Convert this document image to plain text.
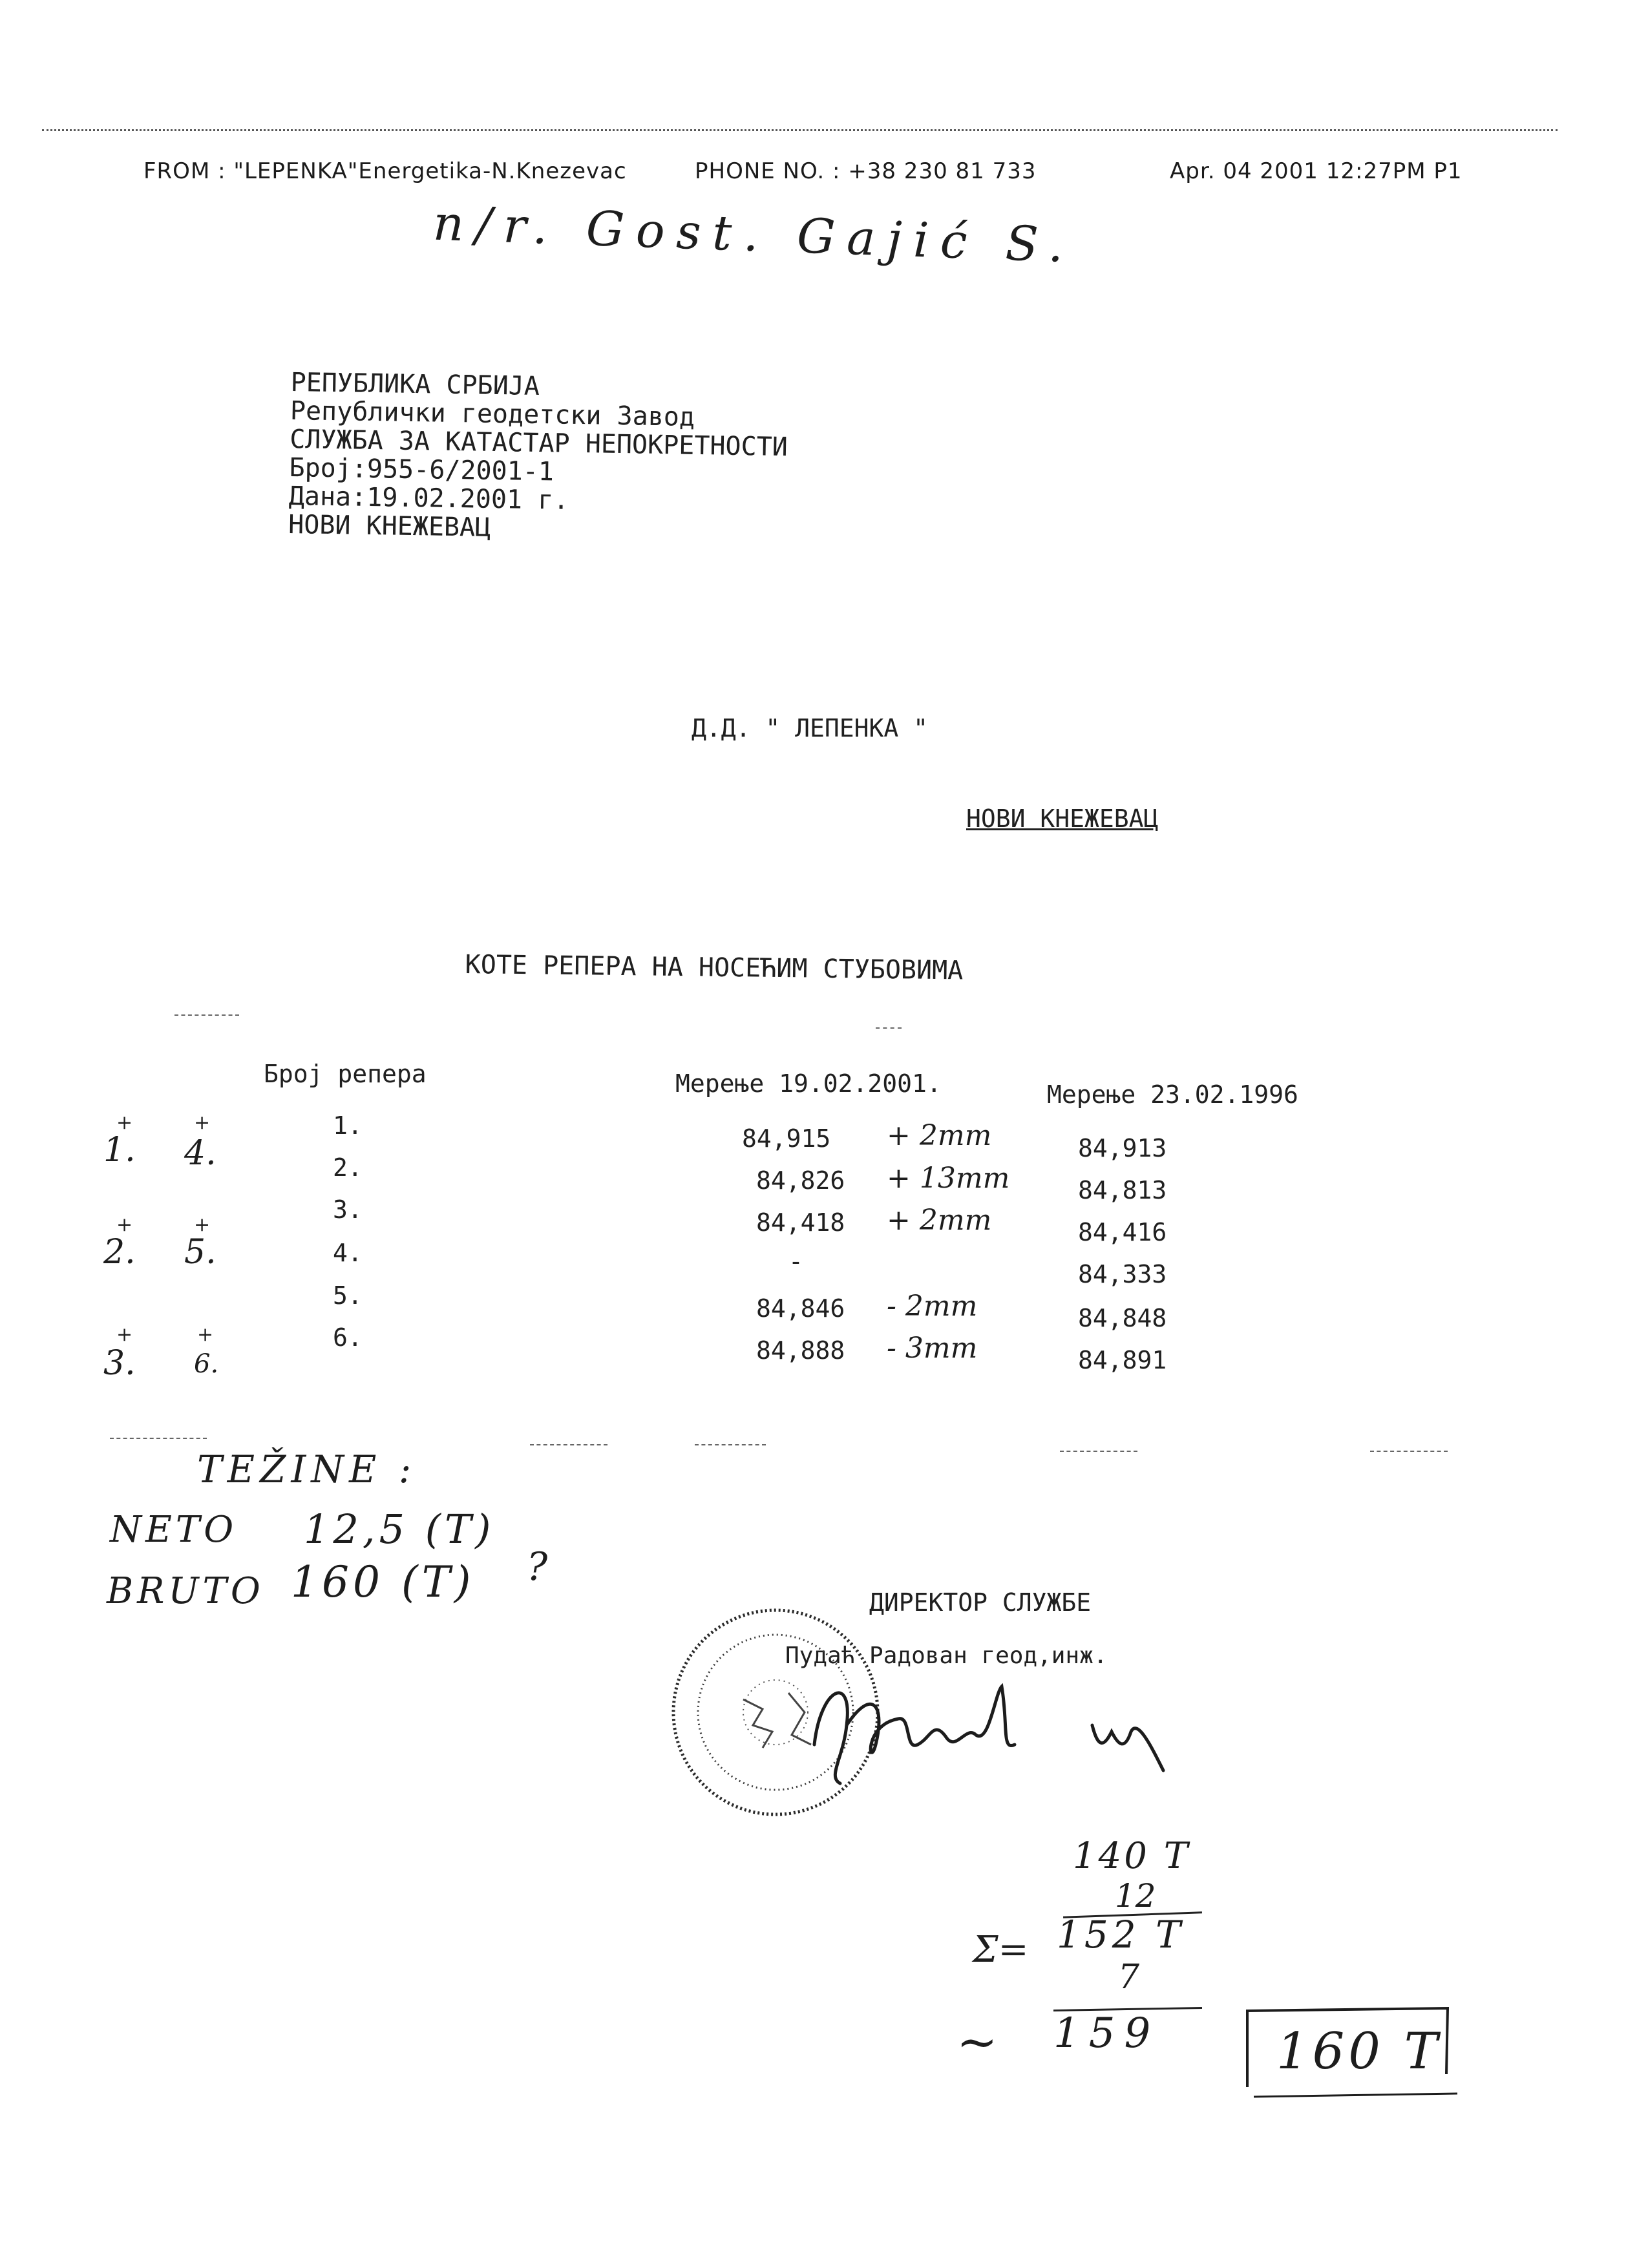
FROM : "LEPENKA"Energetika-N.Knezevac	PHONE NO. : +38 230 81 733	Apr. 04 2001 12:27PM P1
n/r. Gost. Gajić S.
РЕПУБЛИКА СРБИЈА
Републички геодетски Завод
СЛУЖБА ЗА КАТАСТАР НЕПОКРЕТНОСТИ
Број:955-6/2001-1
Дана:19.02.2001 г.
НОВИ КНЕЖЕВАЦ
Д.Д. " ЛЕПЕНКА "
НОВИ КНЕЖЕВАЦ
КОТЕ РЕПЕРА НА НОСЕЋИМ СТУБОВИМА
Број репера	Мерење 19.02.2001.	Мерење 23.02.1996
1.	84,915 + 2mm	84,913
2.	84,826 + 13mm	84,813
3.	84,418 + 2mm	84,416
4.	-	84,333
5.	84,846 - 2mm	84,848
6.	84,888 - 3mm	84,891
+	+
1. 4.
+	+
2. 5.
+	+
3. 6.
TEŽINE :
NETO 12,5 (T)
BRUTO 160 (T) ?
ДИРЕКТОР СЛУЖБЕ
Пудаћ Радован геод,инж.
140 T
12
Σ= 152 T
7
~ 159 160 T
